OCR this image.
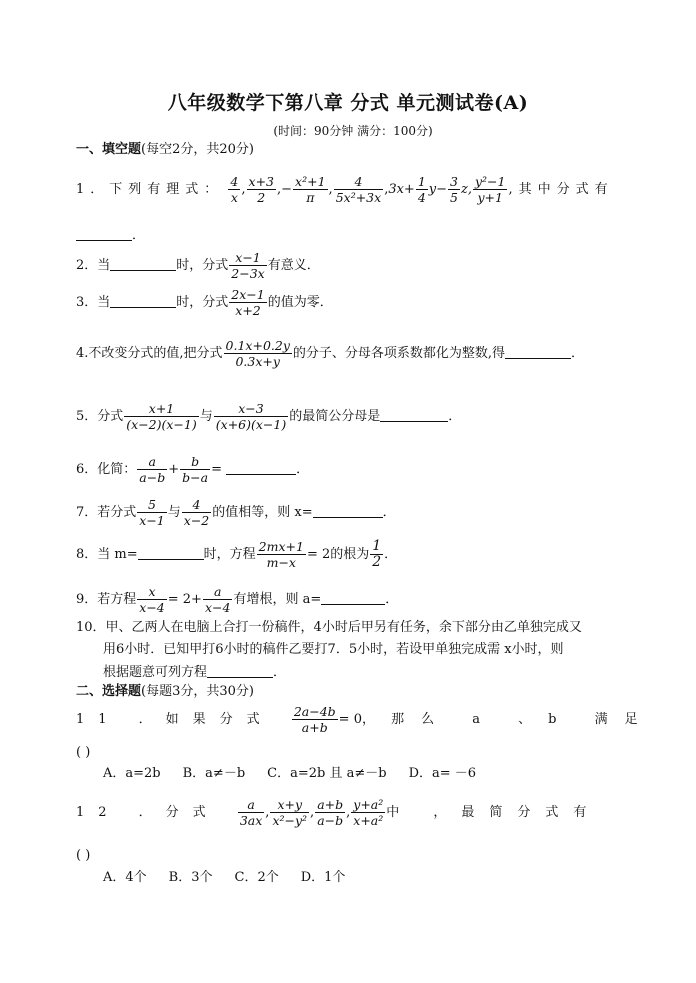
八年级数学下第八章 分式 单元测试卷(A)
(时间：90分钟 满分：100分)
一、填空题(每空2分，共20分)
1．下列有理式： $\frac{4}{x}$ , $\frac{x+3}{2}$ ,− $\frac{\text{x²+1}}{\pi}$ , $\frac{4}{\text{5x²+3x}} ,3x+ \frac{1}{4} y- \frac{3}{5} z$, $\frac{\text{y²−1}}{y+1}$ ,其中分式有
．
2．当	时，分式 $\frac{x-1}{2-3x}$ 有意义．
3．当	时，分式 $\frac{2x-1}{x+2}$ 的值为零．
4.不改变分式的值,把分式 $\frac{0.1x+0.2y}{0.3x+y}$ 的分子、分母各项系数都化为整数,得	．
5．分式 $\frac{x+1}{(x-2)(x-1)}$ 与 $\frac{x-3}{(x+6)(x-1)}$ 的最简公分母是	．
6．化简： $\frac{a}{a-b} + \frac{b}{b-a}$ =	．
7．若分式 $\frac{5}{x-1}$ 与 $\frac{4}{x-2}$ 的值相等，则 x=	．
8．当 m=	时，方程 $\frac{2mx+1}{m-x} = 2$的根为 $\frac{1}{2}$ ．
9．若方程 $\frac{x}{x-4} = 2+ \frac{a}{x-4}$ 有增根，则 a=	．
10．甲、乙两人在电脑上合打一份稿件，4小时后甲另有任务，余下部分由乙单独完成又
用6小时．已知甲打6小时的稿件乙要打7．5小时，若设甲单独完成需 x小时，则
根据题意可列方程	．
二、选择题(每题3分，共30分)
11 ．如果分式 $\frac{2a-4b}{a+b} = 0$， 那么 a 、b 满足
( )
A．a=2b B．a≠－b C．a=2b 且 a≠－b D．a= －6
12 ．分式 $\frac{a}{3ax}$ , $\frac{x+y}{\text{x²−y²}}$ , $\frac{a+b}{a-b}$ , $\frac{\text{y+a²}}{\text{x+a²}}$ 中 ，最简分式有
( )
A．4个 B．3个 C．2个 D．1个
